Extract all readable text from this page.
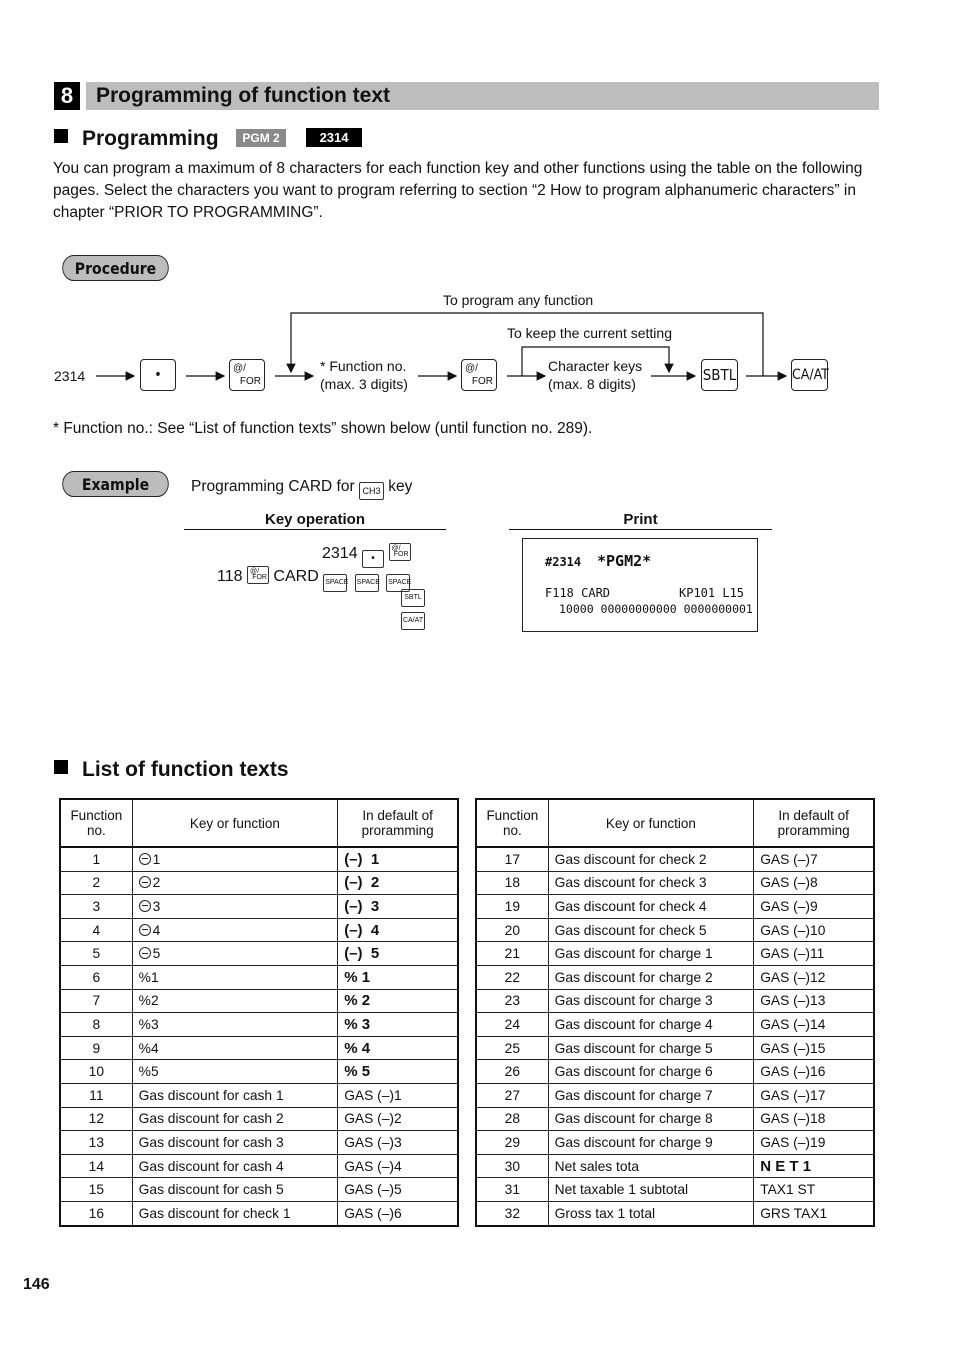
8	Programming of function text
Programming PGM 2	2314
You can program a maximum of 8 characters for each function key and other functions using the table on the following pages. Select the characters you want to program referring to section “2 How to program alphanumeric characters” in chapter “PRIOR TO PROGRAMMING”.
Procedure
To program any function
To keep the current setting
2314	•	@/
FOR
* Function no.
(max. 3 digits)
@/
FOR
Character keys
(max. 8 digits)	SBTL	CA/AT
* Function no.: See “List of function texts” shown below (until function no. 289).
Example	Programming CARD for CH3 key
Key operation	Print
2314 •
@/
FOR
118 @/
FOR CARD SPACE SPACE SPACE
SBTL
CA/AT
#2314 *PGM2*
F118 CARD	KP101 L15
10000 00000000000 0000000001
List of function texts
Function
no.	Key or function	In default of
proramming
1	1	(–)  1
2	2	(–)  2
3	3	(–)  3
4	4	(–)  4
5	5	(–)  5
6	%1	% 1
7	%2	% 2
8	%3	% 3
9	%4	% 4
10	%5	% 5
11	Gas discount for cash 1	GAS (–)1
12	Gas discount for cash 2	GAS (–)2
13	Gas discount for cash 3	GAS (–)3
14	Gas discount for cash 4	GAS (–)4
15	Gas discount for cash 5	GAS (–)5
16	Gas discount for check 1	GAS (–)6
Function
no.	Key or function	In default of
proramming
17	Gas discount for check 2	GAS (–)7
18	Gas discount for check 3	GAS (–)8
19	Gas discount for check 4	GAS (–)9
20	Gas discount for check 5	GAS (–)10
21	Gas discount for charge 1	GAS (–)11
22	Gas discount for charge 2	GAS (–)12
23	Gas discount for charge 3	GAS (–)13
24	Gas discount for charge 4	GAS (–)14
25	Gas discount for charge 5	GAS (–)15
26	Gas discount for charge 6	GAS (–)16
27	Gas discount for charge 7	GAS (–)17
28	Gas discount for charge 8	GAS (–)18
29	Gas discount for charge 9	GAS (–)19
30	Net sales tota	N E T 1
31	Net taxable 1 subtotal	TAX1 ST
32	Gross tax 1 total	GRS TAX1
146
